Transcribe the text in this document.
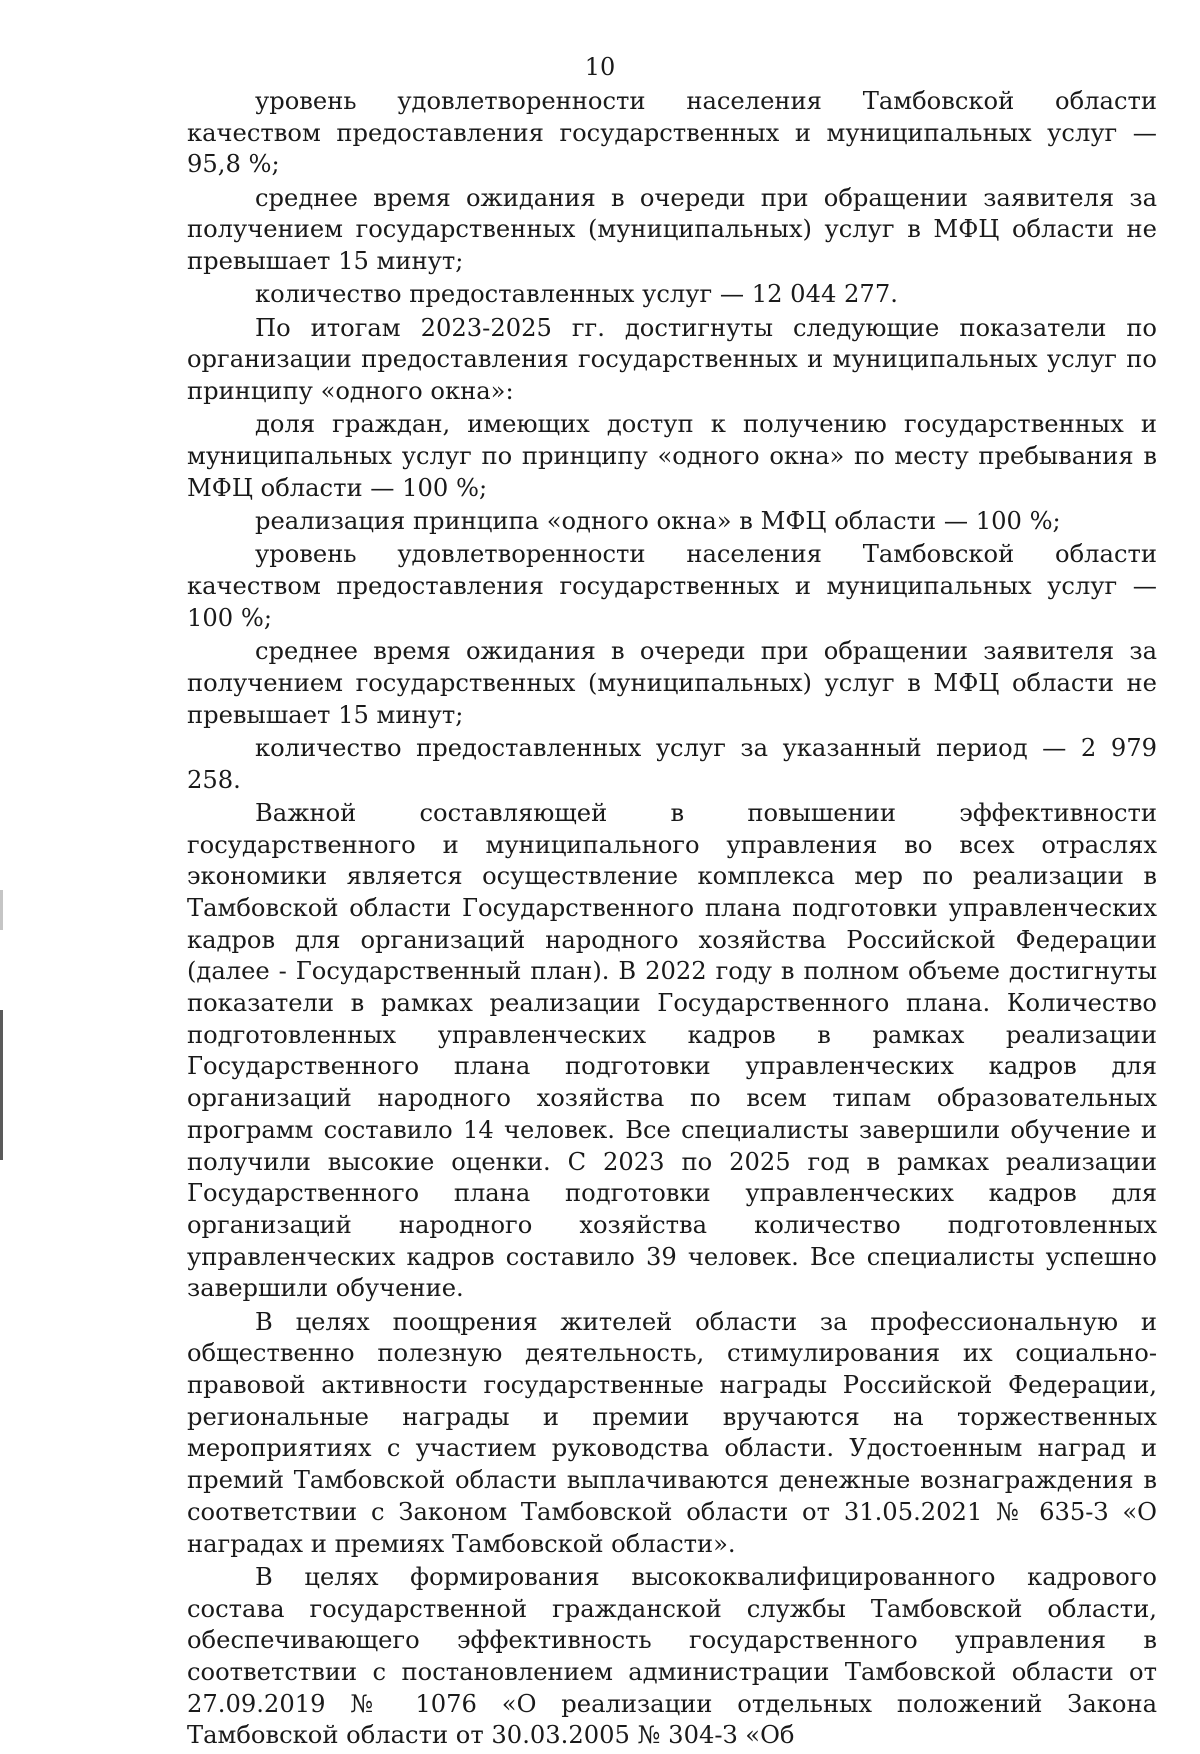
10

уровень удовлетворенности населения Тамбовской области качеством предоставления государственных и муниципальных услуг — 95,8 %;

среднее время ожидания в очереди при обращении заявителя за получением государственных (муниципальных) услуг в МФЦ области не превышает 15 минут;

количество предоставленных услуг — 12 044 277.

По итогам 2023-2025 гг. достигнуты следующие показатели по организации предоставления государственных и муниципальных услуг по принципу «одного окна»:

доля граждан, имеющих доступ к получению государственных и муниципальных услуг по принципу «одного окна» по месту пребывания в МФЦ области — 100 %;

реализация принципа «одного окна» в МФЦ области — 100 %;

уровень удовлетворенности населения Тамбовской области качеством предоставления государственных и муниципальных услуг — 100 %;

среднее время ожидания в очереди при обращении заявителя за получением государственных (муниципальных) услуг в МФЦ области не превышает 15 минут;

количество предоставленных услуг за указанный период — 2 979 258.

Важной составляющей в повышении эффективности государственного и муниципального управления во всех отраслях экономики является осуществление комплекса мер по реализации в Тамбовской области Государственного плана подготовки управленческих кадров для организаций народного хозяйства Российской Федерации (далее - Государственный план). В 2022 году в полном объеме достигнуты показатели в рамках реализации Государственного плана. Количество подготовленных управленческих кадров в рамках реализации Государственного плана подготовки управленческих кадров для организаций народного хозяйства по всем типам образовательных программ составило 14 человек. Все специалисты завершили обучение и получили высокие оценки. С 2023 по 2025 год в рамках реализации Государственного плана подготовки управленческих кадров для организаций народного хозяйства количество подготовленных управленческих кадров составило 39 человек. Все специалисты успешно завершили обучение.

В целях поощрения жителей области за профессиональную и общественно полезную деятельность, стимулирования их социально-правовой активности государственные награды Российской Федерации, региональные награды и премии вручаются на торжественных мероприятиях с участием руководства области. Удостоенным наград и премий Тамбовской области выплачиваются денежные вознаграждения в соответствии с Законом Тамбовской области от 31.05.2021 № 635-З «О наградах и премиях Тамбовской области».

В целях формирования высококвалифицированного кадрового состава государственной гражданской службы Тамбовской области, обеспечивающего эффективность государственного управления в соответствии с постановлением администрации Тамбовской области от 27.09.2019 № 1076 «О реализации отдельных положений Закона Тамбовской области от 30.03.2005 № 304-З «Об
